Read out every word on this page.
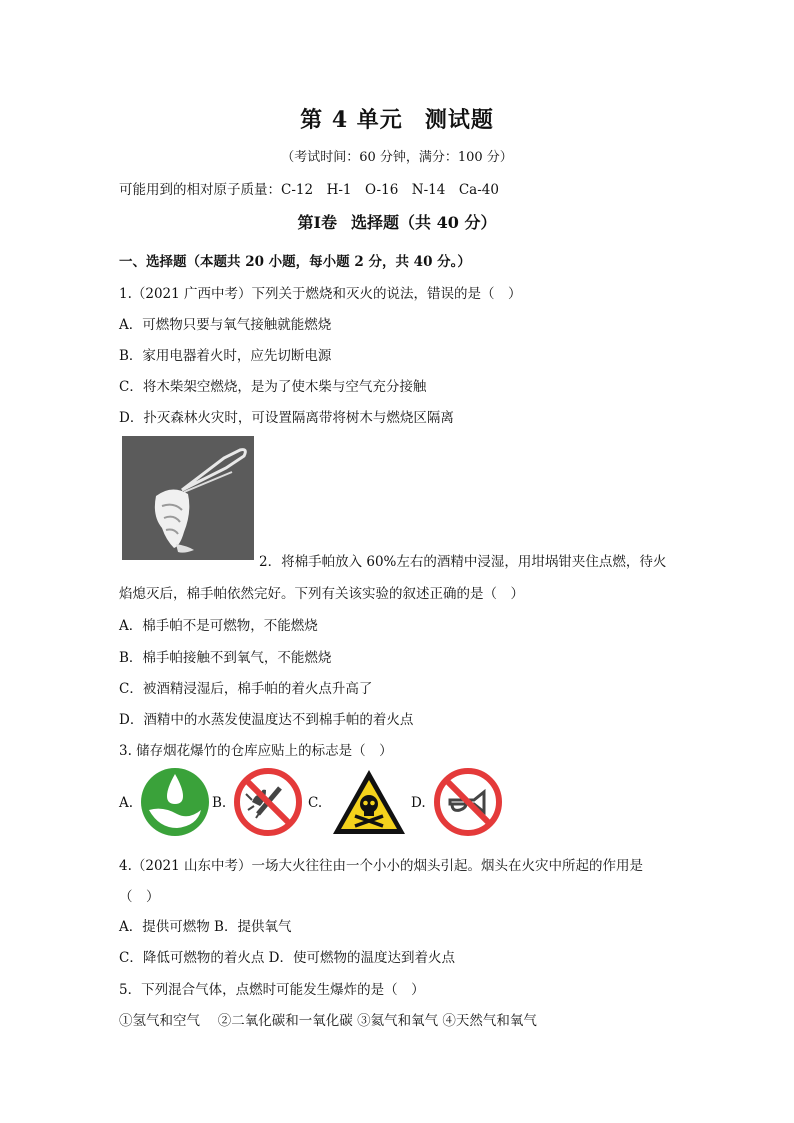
第 4 单元 测试题
（考试时间：60 分钟，满分：100 分）
可能用到的相对原子质量：C-12　H-1　O-16　N-14　Ca-40
第Ⅰ卷 选择题（共 40 分）
一、选择题（本题共 20 小题，每小题 2 分，共 40 分。）
1.（2021 广西中考）下列关于燃烧和灭火的说法，错误的是（　）
A．可燃物只要与氧气接触就能燃烧
B．家用电器着火时，应先切断电源
C．将木柴架空燃烧，是为了使木柴与空气充分接触
D．扑灭森林火灾时，可设置隔离带将树木与燃烧区隔离
2．将棉手帕放入 60%左右的酒精中浸湿，用坩埚钳夹住点燃，待火
焰熄灭后，棉手帕依然完好。下列有关该实验的叙述正确的是（　）
A．棉手帕不是可燃物，不能燃烧
B．棉手帕接触不到氧气，不能燃烧
C．被酒精浸湿后，棉手帕的着火点升高了
D．酒精中的水蒸发使温度达不到棉手帕的着火点
3. 储存烟花爆竹的仓库应贴上的标志是（　）
A.	B.	C.	D.
4.（2021 山东中考）一场大火往往由一个小小的烟头引起。烟头在火灾中所起的作用是
（　）
A．提供可燃物 B．提供氧气
C．降低可燃物的着火点 D．使可燃物的温度达到着火点
5．下列混合气体，点燃时可能发生爆炸的是（　）
①氢气和空气　 ②二氧化碳和一氧化碳 ③氦气和氧气 ④天然气和氧气
